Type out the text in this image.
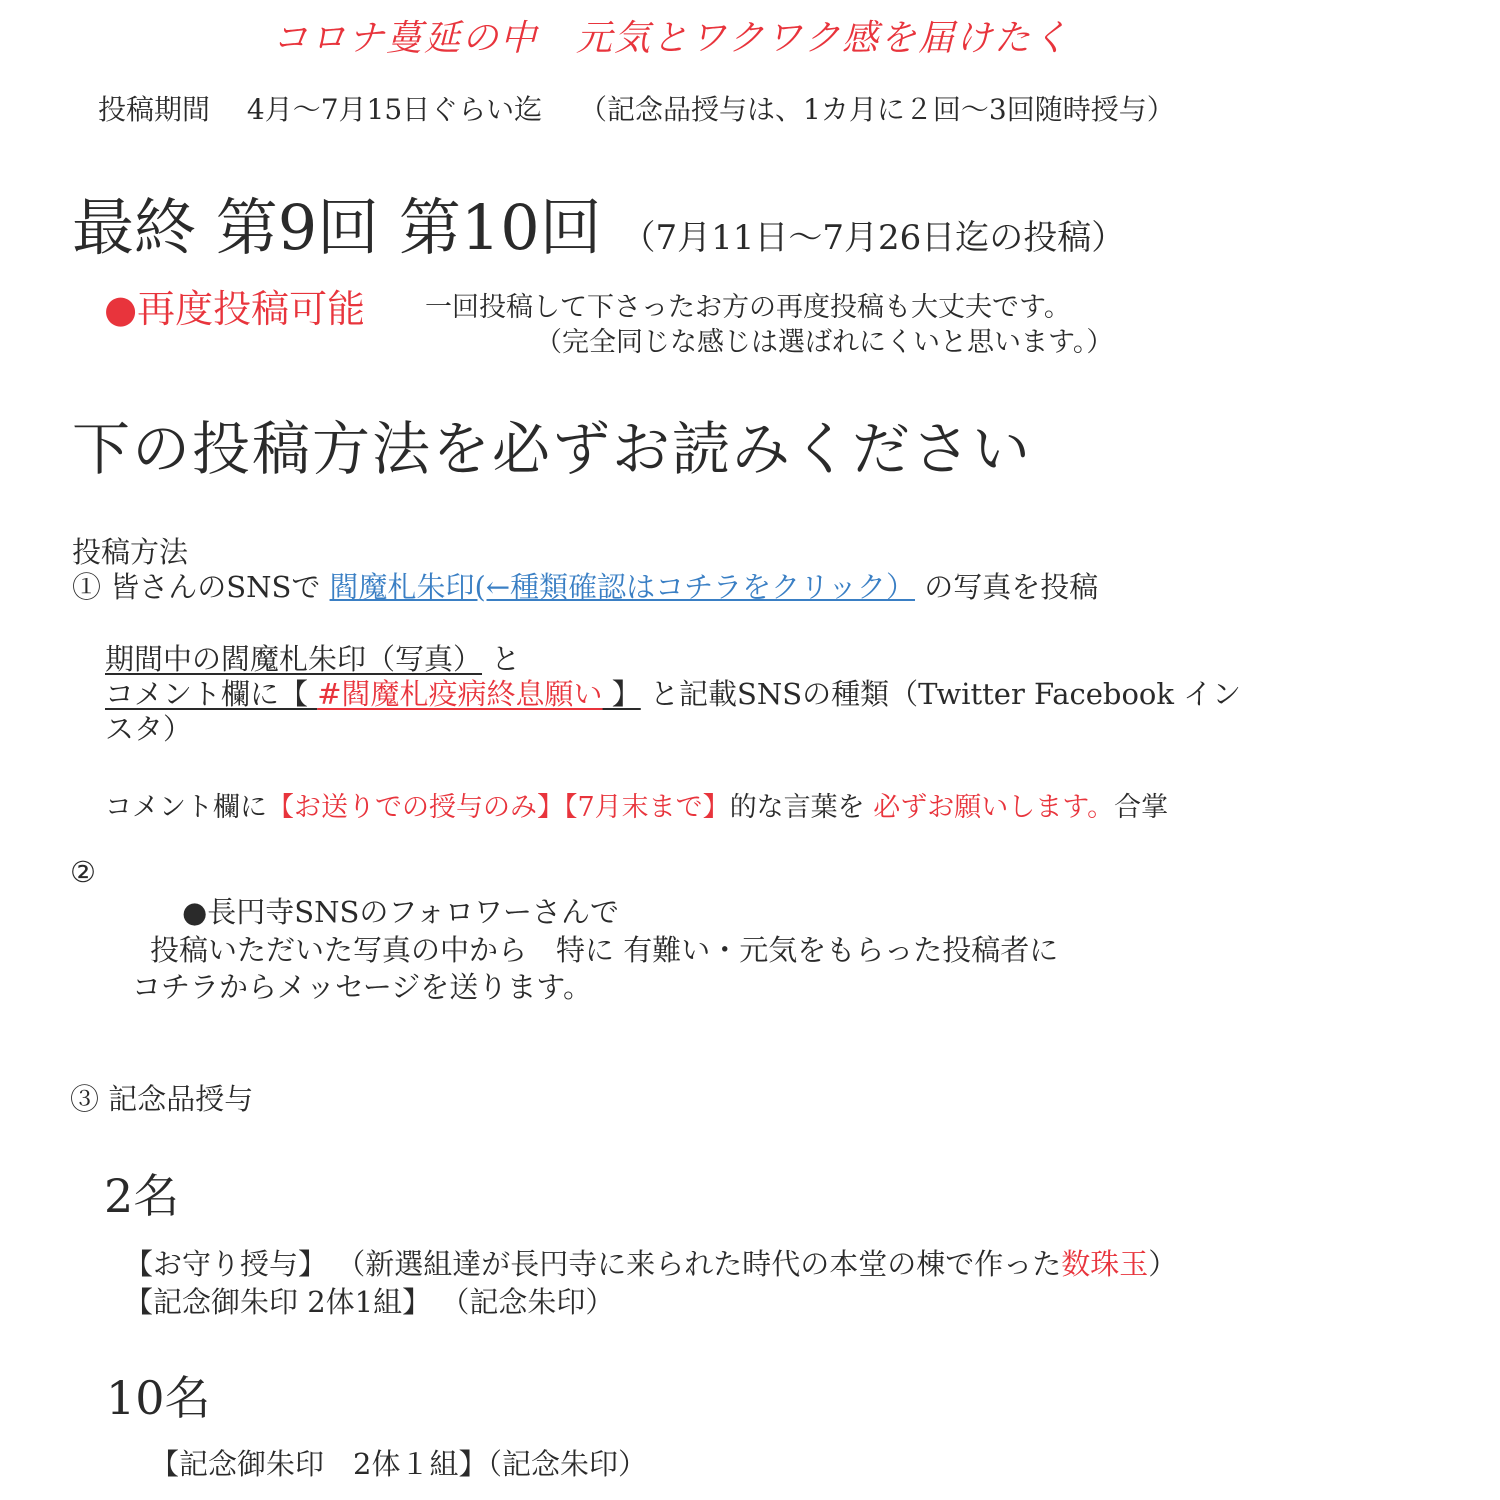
コロナ蔓延の中　元気とワクワク感を届けたく
投稿期間　 4月～7月15日ぐらい迄　 （記念品授与は、1カ月に２回～3回随時授与）
最終 第9回 第10回 （7月11日～7月26日迄の投稿）
●再度投稿可能 一回投稿して下さったお方の再度投稿も大丈夫です。
（完全同じな感じは選ばれにくいと思います。）
下の投稿方法を必ずお読みください
投稿方法
① 皆さんのSNSで 閻魔札朱印(←種類確認はコチラをクリック） の写真を投稿
期間中の閻魔札朱印（写真） と
コメント欄に【 #閻魔札疫病終息願い 】 と記載SNSの種類（Twitter Facebook イン
スタ）
コメント欄に【お送りでの授与のみ】【7月末まで】的な言葉を 必ずお願いします。合掌
②
●長円寺SNSのフォロワーさんで
投稿いただいた写真の中から　特に 有難い・元気をもらった投稿者に
コチラからメッセージを送ります。
③ 記念品授与
2名
【お守り授与】 （新選組達が長円寺に来られた時代の本堂の棟で作った数珠玉）
【記念御朱印 2体1組】 （記念朱印）
10名
【記念御朱印　2体１組】（記念朱印）
